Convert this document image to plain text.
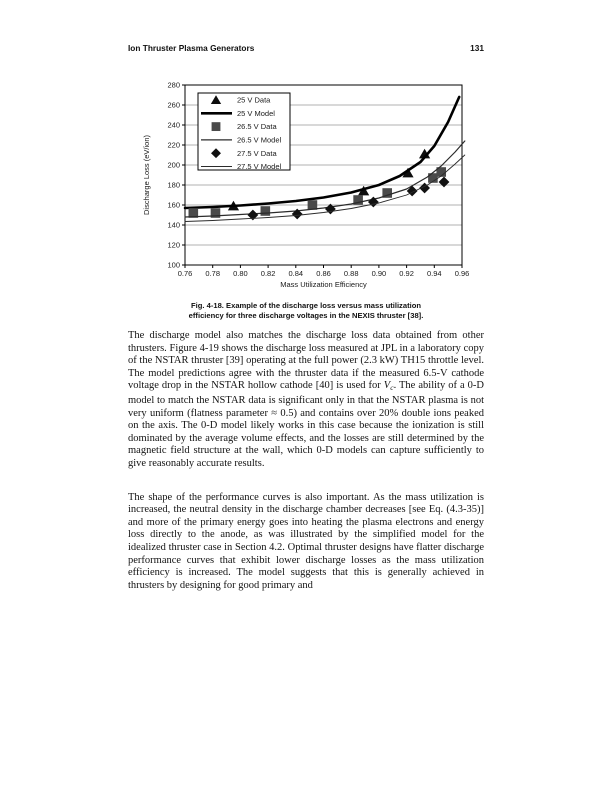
Ion Thruster Plasma Generators	131
100
120
140
160
180
200
220
240
260
280
0.76 0.78 0.80 0.82 0.84 0.86 0.88 0.90 0.92 0.94 0.96
Mass Utilization Efficiency
Discharge Loss (eV/ion)
25 V Data
25 V Model
26.5 V Data
26.5 V Model
27.5 V Data
27.5 V Model
Fig. 4-18. Example of the discharge loss versus mass utilization
efficiency for three discharge voltages in the NEXIS thruster [38].

The discharge model also matches the discharge loss data obtained from other thrusters. Figure 4-19 shows the discharge loss measured at JPL in a laboratory copy of the NSTAR thruster [39] operating at the full power (2.3 kW) TH15 throttle level. The model predictions agree with the thruster data if the measured 6.5-V cathode voltage drop in the NSTAR hollow cathode [40] is used for $V_c$. The ability of a 0-D model to match the NSTAR data is significant only in that the NSTAR plasma is not very uniform (flatness parameter ≈ 0.5) and contains over 20% double ions peaked on the axis. The 0-D model likely works in this case because the ionization is still dominated by the average volume effects, and the losses are still determined by the magnetic field structure at the wall, which 0-D models can capture sufficiently to give reasonably accurate results.

The shape of the performance curves is also important. As the mass utilization is increased, the neutral density in the discharge chamber decreases [see Eq. (4.3-35)] and more of the primary energy goes into heating the plasma electrons and energy loss directly to the anode, as was illustrated by the simplified model for the idealized thruster case in Section 4.2. Optimal thruster designs have flatter discharge performance curves that exhibit lower discharge losses as the mass utilization efficiency is increased. The model suggests that this is generally achieved in thrusters by designing for good primary and
